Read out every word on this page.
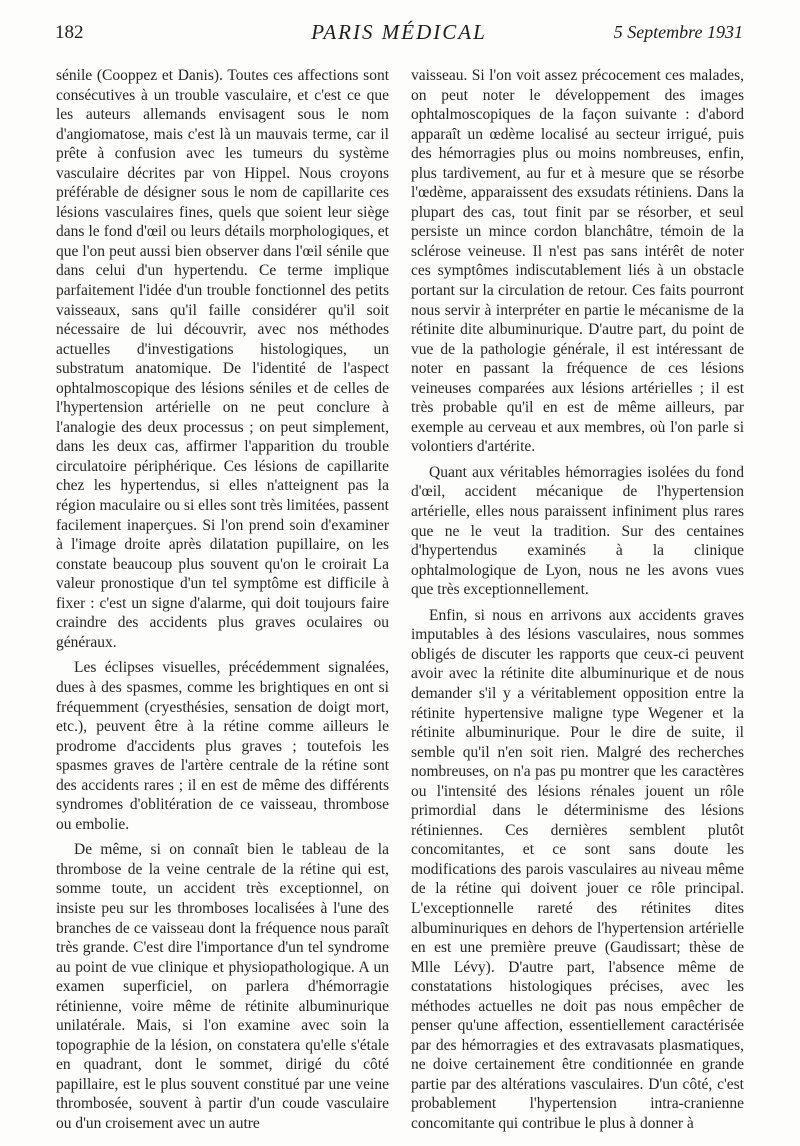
182	PARIS MÉDICAL	5 Septembre 1931

sénile (Cooppez et Danis). Toutes ces affections sont consécutives à un trouble vasculaire, et c'est ce que les auteurs allemands envisagent sous le nom d'angiomatose, mais c'est là un mauvais terme, car il prête à confusion avec les tumeurs du système vasculaire décrites par von Hippel. Nous croyons préférable de désigner sous le nom de capillarite ces lésions vasculaires fines, quels que soient leur siège dans le fond d'œil ou leurs détails morphologiques, et que l'on peut aussi bien observer dans l'œil sénile que dans celui d'un hypertendu. Ce terme implique parfaitement l'idée d'un trouble fonctionnel des petits vaisseaux, sans qu'il faille considérer qu'il soit nécessaire de lui découvrir, avec nos méthodes actuelles d'investigations histologiques, un substratum anatomique. De l'identité de l'aspect ophtalmoscopique des lésions séniles et de celles de l'hypertension artérielle on ne peut conclure à l'analogie des deux processus ; on peut simplement, dans les deux cas, affirmer l'apparition du trouble circulatoire périphérique. Ces lésions de capillarite chez les hypertendus, si elles n'atteignent pas la région maculaire ou si elles sont très limitées, passent facilement inaperçues. Si l'on prend soin d'examiner à l'image droite après dilatation pupillaire, on les constate beaucoup plus souvent qu'on le croirait La valeur pronostique d'un tel symptôme est difficile à fixer : c'est un signe d'alarme, qui doit toujours faire craindre des accidents plus graves oculaires ou généraux.

Les éclipses visuelles, précédemment signalées, dues à des spasmes, comme les brightiques en ont si fréquemment (cryesthésies, sensation de doigt mort, etc.), peuvent être à la rétine comme ailleurs le prodrome d'accidents plus graves ; toutefois les spasmes graves de l'artère centrale de la rétine sont des accidents rares ; il en est de même des différents syndromes d'oblitération de ce vaisseau, thrombose ou embolie.

De même, si on connaît bien le tableau de la thrombose de la veine centrale de la rétine qui est, somme toute, un accident très exceptionnel, on insiste peu sur les thromboses localisées à l'une des branches de ce vaisseau dont la fréquence nous paraît très grande. C'est dire l'importance d'un tel syndrome au point de vue clinique et physiopathologique. A un examen superficiel, on parlera d'hémorragie rétinienne, voire même de rétinite albuminurique unilatérale. Mais, si l'on examine avec soin la topographie de la lésion, on constatera qu'elle s'étale en quadrant, dont le sommet, dirigé du côté papillaire, est le plus souvent constitué par une veine thrombosée, souvent à partir d'un coude vasculaire ou d'un croisement avec un autre

vaisseau. Si l'on voit assez précocement ces malades, on peut noter le développement des images ophtalmoscopiques de la façon suivante : d'abord apparaît un œdème localisé au secteur irrigué, puis des hémorragies plus ou moins nombreuses, enfin, plus tardivement, au fur et à mesure que se résorbe l'œdème, apparaissent des exsudats rétiniens. Dans la plupart des cas, tout finit par se résorber, et seul persiste un mince cordon blanchâtre, témoin de la sclérose veineuse. Il n'est pas sans intérêt de noter ces symptômes indiscutablement liés à un obstacle portant sur la circulation de retour. Ces faits pourront nous servir à interpréter en partie le mécanisme de la rétinite dite albuminurique. D'autre part, du point de vue de la pathologie générale, il est intéressant de noter en passant la fréquence de ces lésions veineuses comparées aux lésions artérielles ; il est très probable qu'il en est de même ailleurs, par exemple au cerveau et aux membres, où l'on parle si volontiers d'artérite.

Quant aux véritables hémorragies isolées du fond d'œil, accident mécanique de l'hypertension artérielle, elles nous paraissent infiniment plus rares que ne le veut la tradition. Sur des centaines d'hypertendus examinés à la clinique ophtalmologique de Lyon, nous ne les avons vues que très exceptionnellement.

Enfin, si nous en arrivons aux accidents graves imputables à des lésions vasculaires, nous sommes obligés de discuter les rapports que ceux-ci peuvent avoir avec la rétinite dite albuminurique et de nous demander s'il y a véritablement opposition entre la rétinite hypertensive maligne type Wegener et la rétinite albuminurique. Pour le dire de suite, il semble qu'il n'en soit rien. Malgré des recherches nombreuses, on n'a pas pu montrer que les caractères ou l'intensité des lésions rénales jouent un rôle primordial dans le déterminisme des lésions rétiniennes. Ces dernières semblent plutôt concomitantes, et ce sont sans doute les modifications des parois vasculaires au niveau même de la rétine qui doivent jouer ce rôle principal. L'exceptionnelle rareté des rétinites dites albuminuriques en dehors de l'hypertension artérielle en est une première preuve (Gaudissart; thèse de Mlle Lévy). D'autre part, l'absence même de constatations histologiques précises, avec les méthodes actuelles ne doit pas nous empêcher de penser qu'une affection, essentiellement caractérisée par des hémorragies et des extravasats plasmatiques, ne doive certainement être conditionnée en grande partie par des altérations vasculaires. D'un côté, c'est probablement l'hypertension intra-cranienne concomitante qui contribue le plus à donner à
